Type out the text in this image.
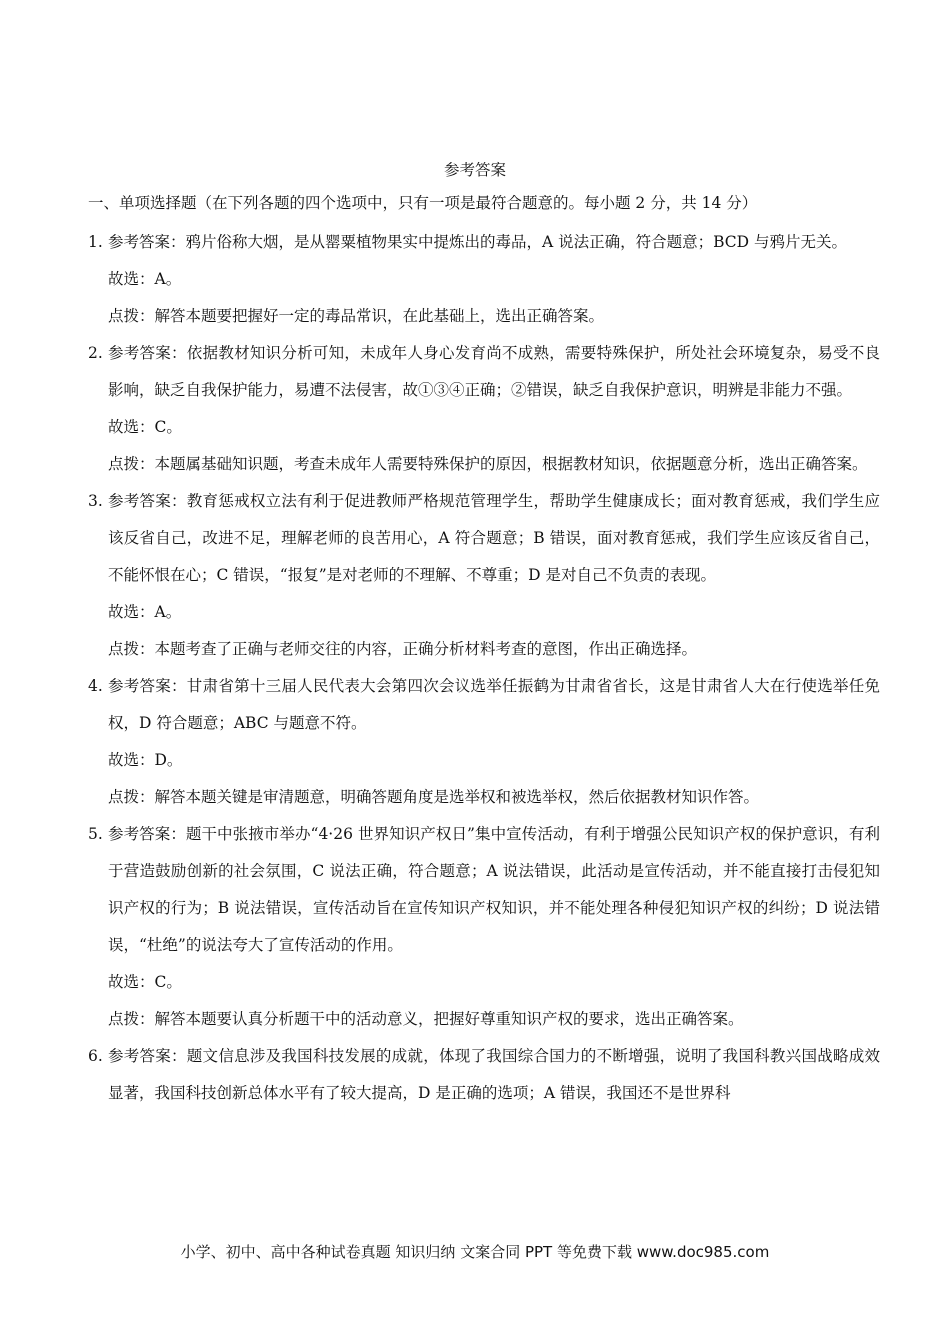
参考答案
一、单项选择题（在下列各题的四个选项中，只有一项是最符合题意的。每小题 2 分，共 14 分）
1. 参考答案：鸦片俗称大烟，是从罂粟植物果实中提炼出的毒品，A 说法正确，符合题意；BCD 与鸦片无关。
故选：A。
点拨：解答本题要把握好一定的毒品常识，在此基础上，选出正确答案。
2. 参考答案：依据教材知识分析可知，未成年人身心发育尚不成熟，需要特殊保护，所处社会环境复杂，易受不良影响，缺乏自我保护能力，易遭不法侵害，故①③④正确；②错误，缺乏自我保护意识，明辨是非能力不强。
故选：C。
点拨：本题属基础知识题，考查未成年人需要特殊保护的原因，根据教材知识，依据题意分析，选出正确答案。
3. 参考答案：教育惩戒权立法有利于促进教师严格规范管理学生，帮助学生健康成长；面对教育惩戒，我们学生应该反省自己，改进不足，理解老师的良苦用心，A 符合题意；B 错误，面对教育惩戒，我们学生应该反省自己，不能怀恨在心；C 错误，“报复”是对老师的不理解、不尊重；D 是对自己不负责的表现。
故选：A。
点拨：本题考查了正确与老师交往的内容，正确分析材料考查的意图，作出正确选择。
4. 参考答案：甘肃省第十三届人民代表大会第四次会议选举任振鹤为甘肃省省长，这是甘肃省人大在行使选举任免权，D 符合题意；ABC 与题意不符。
故选：D。
点拨：解答本题关键是审清题意，明确答题角度是选举权和被选举权，然后依据教材知识作答。
5. 参考答案：题干中张掖市举办“4·26 世界知识产权日”集中宣传活动，有利于增强公民知识产权的保护意识，有利于营造鼓励创新的社会氛围，C 说法正确，符合题意；A 说法错误，此活动是宣传活动，并不能直接打击侵犯知识产权的行为；B 说法错误，宣传活动旨在宣传知识产权知识，并不能处理各种侵犯知识产权的纠纷；D 说法错误，“杜绝”的说法夸大了宣传活动的作用。
故选：C。
点拨：解答本题要认真分析题干中的活动意义，把握好尊重知识产权的要求，选出正确答案。
6. 参考答案：题文信息涉及我国科技发展的成就，体现了我国综合国力的不断增强，说明了我国科教兴国战略成效显著，我国科技创新总体水平有了较大提高，D 是正确的选项；A 错误，我国还不是世界科
小学、初中、高中各种试卷真题 知识归纳 文案合同 PPT 等免费下载 www.doc985.com
